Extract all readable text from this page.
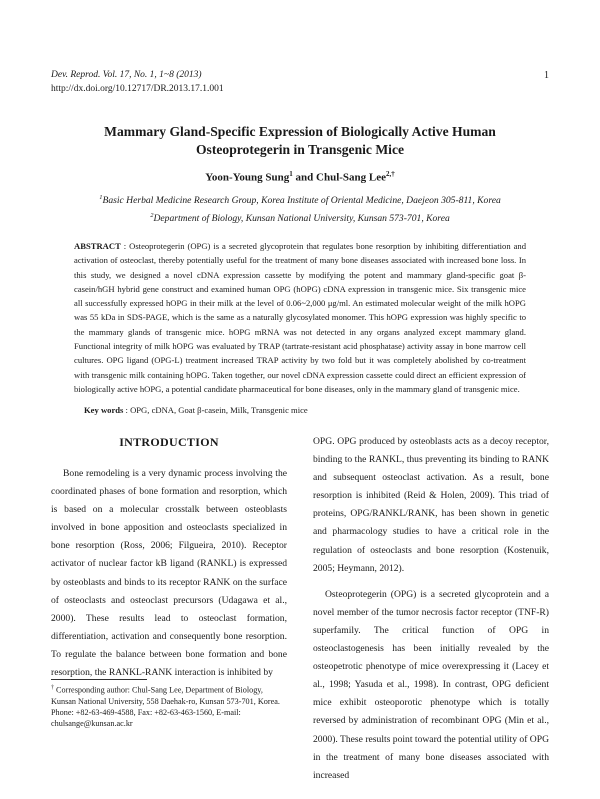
Dev. Reprod. Vol. 17, No. 1, 1~8 (2013)
http://dx.doi.org/10.12717/DR.2013.17.1.001
1
Mammary Gland-Specific Expression of Biologically Active Human
Osteoprotegerin in Transgenic Mice
Yoon-Young Sung$^1$ and Chul-Sang Lee$^{2,\dagger}$
$^1$Basic Herbal Medicine Research Group, Korea Institute of Oriental Medicine, Daejeon 305-811, Korea
$^2$Department of Biology, Kunsan National University, Kunsan 573-701, Korea
ABSTRACT : Osteoprotegerin (OPG) is a secreted glycoprotein that regulates bone resorption by inhibiting differentiation and activation of osteoclast, thereby potentially useful for the treatment of many bone diseases associated with increased bone loss. In this study, we designed a novel cDNA expression cassette by modifying the potent and mammary gland-specific goat β-casein/hGH hybrid gene construct and examined human OPG (hOPG) cDNA expression in transgenic mice. Six transgenic mice all successfully expressed hOPG in their milk at the level of 0.06~2,000 μg/ml. An estimated molecular weight of the milk hOPG was 55 kDa in SDS-PAGE, which is the same as a naturally glycosylated monomer. This hOPG expression was highly specific to the mammary glands of transgenic mice. hOPG mRNA was not detected in any organs analyzed except mammary gland. Functional integrity of milk hOPG was evaluated by TRAP (tartrate-resistant acid phosphatase) activity assay in bone marrow cell cultures. OPG ligand (OPG-L) treatment increased TRAP activity by two fold but it was completely abolished by co-treatment with transgenic milk containing hOPG. Taken together, our novel cDNA expression cassette could direct an efficient expression of biologically active hOPG, a potential candidate pharmaceutical for bone diseases, only in the mammary gland of transgenic mice.
Key words : OPG, cDNA, Goat β-casein, Milk, Transgenic mice
INTRODUCTION

Bone remodeling is a very dynamic process involving the coordinated phases of bone formation and resorption, which is based on a molecular crosstalk between osteoblasts involved in bone apposition and osteoclasts specialized in bone resorption (Ross, 2006; Filgueira, 2010). Receptor activator of nuclear factor kB ligand (RANKL) is expressed by osteoblasts and binds to its receptor RANK on the surface of osteoclasts and osteoclast precursors (Udagawa et al., 2000). These results lead to osteoclast formation, differentiation, activation and consequently bone resorption. To regulate the balance between bone formation and bone resorption, the RANKL-RANK interaction is inhibited by

OPG. OPG produced by osteoblasts acts as a decoy receptor, binding to the RANKL, thus preventing its binding to RANK and subsequent osteoclast activation. As a result, bone resorption is inhibited (Reid & Holen, 2009). This triad of proteins, OPG/RANKL/RANK, has been shown in genetic and pharmacology studies to have a critical role in the regulation of osteoclasts and bone resorption (Kostenuik, 2005; Heymann, 2012).

Osteoprotegerin (OPG) is a secreted glycoprotein and a novel member of the tumor necrosis factor receptor (TNF-R) superfamily. The critical function of OPG in osteoclastogenesis has been initially revealed by the osteopetrotic phenotype of mice overexpressing it (Lacey et al., 1998; Yasuda et al., 1998). In contrast, OPG deficient mice exhibit osteoporotic phenotype which is totally reversed by administration of recombinant OPG (Min et al., 2000). These results point toward the potential utility of OPG in the treatment of many bone diseases associated with increased

† Corresponding author: Chul-Sang Lee, Department of Biology, Kunsan National University, 558 Daehak-ro, Kunsan 573-701, Korea. Phone: +82-63-469-4588, Fax: +82-63-463-1560, E-mail: chulsange@kunsan.ac.kr
